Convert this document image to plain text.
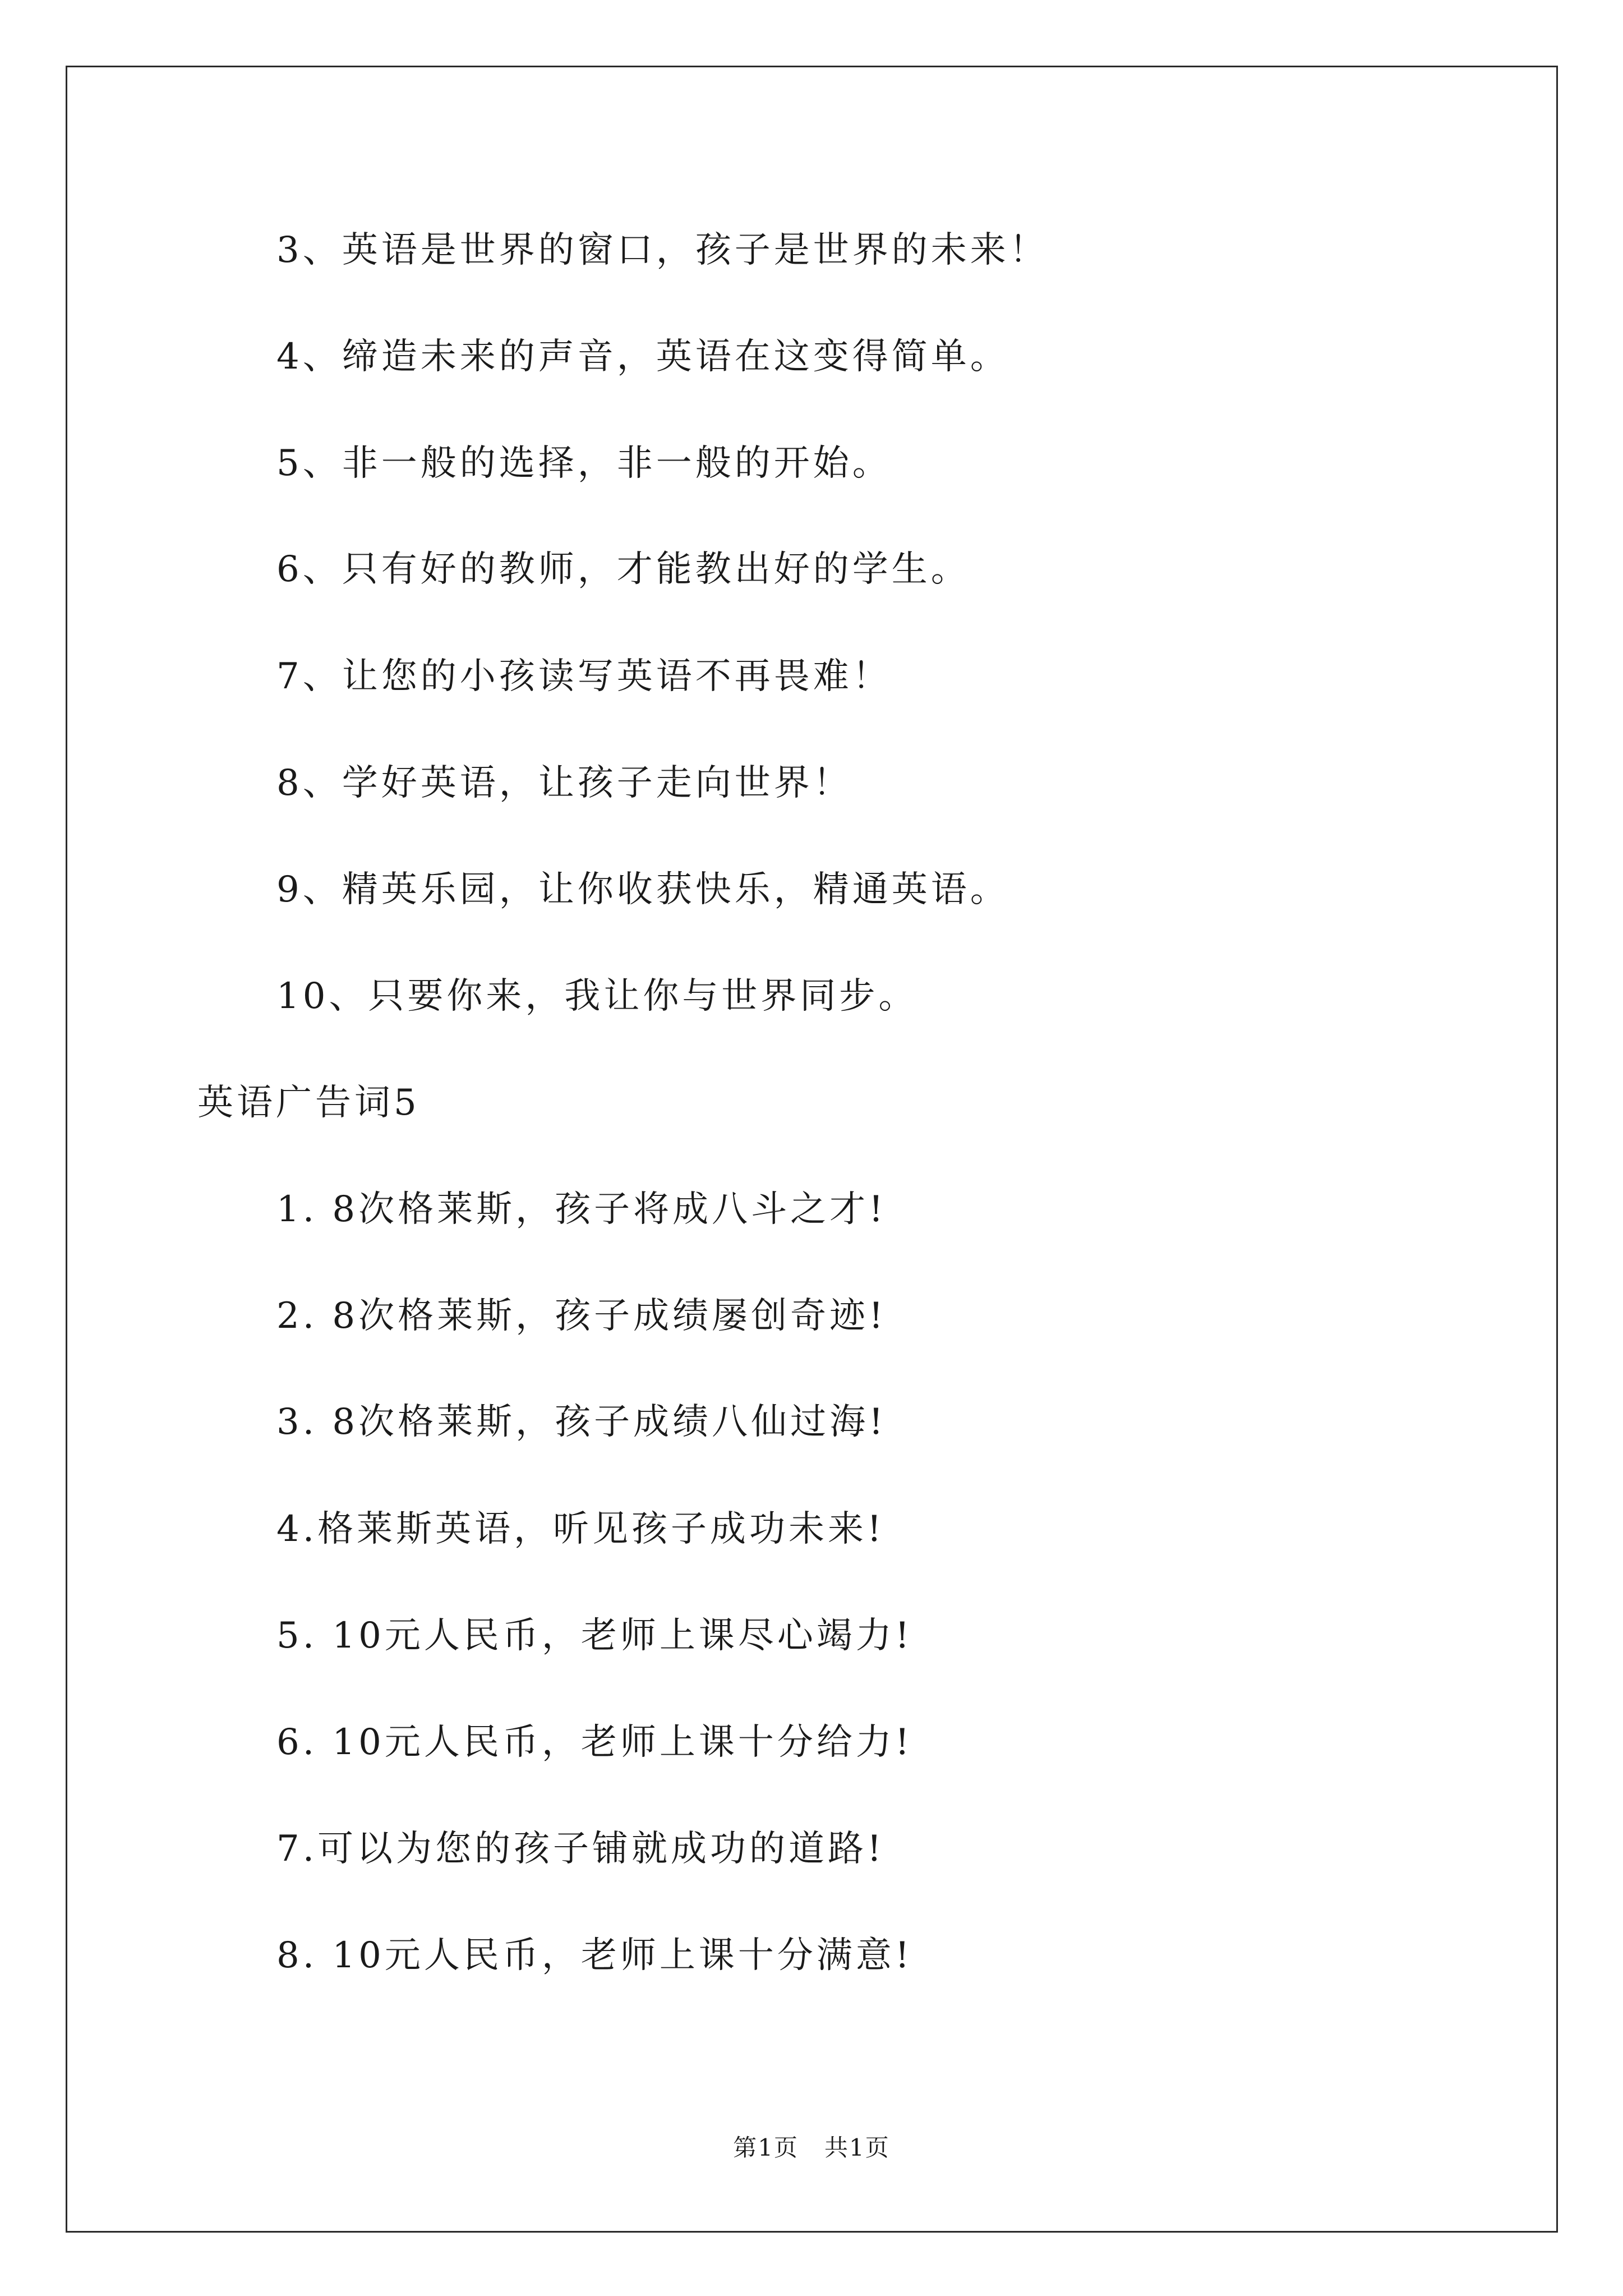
3、英语是世界的窗口，孩子是世界的未来！
4、缔造未来的声音，英语在这变得简单。
5、非一般的选择，非一般的开始。
6、只有好的教师，才能教出好的学生。
7、让您的小孩读写英语不再畏难！
8、学好英语，让孩子走向世界！
9、精英乐园，让你收获快乐，精通英语。
10、只要你来，我让你与世界同步。
英语广告词5
1. 8次格莱斯，孩子将成八斗之才!
2. 8次格莱斯，孩子成绩屡创奇迹!
3. 8次格莱斯，孩子成绩八仙过海!
4.格莱斯英语，听见孩子成功未来!
5. 10元人民币，老师上课尽心竭力!
6. 10元人民币，老师上课十分给力!
7.可以为您的孩子铺就成功的道路!
8. 10元人民币，老师上课十分满意!
第1页   共1页
